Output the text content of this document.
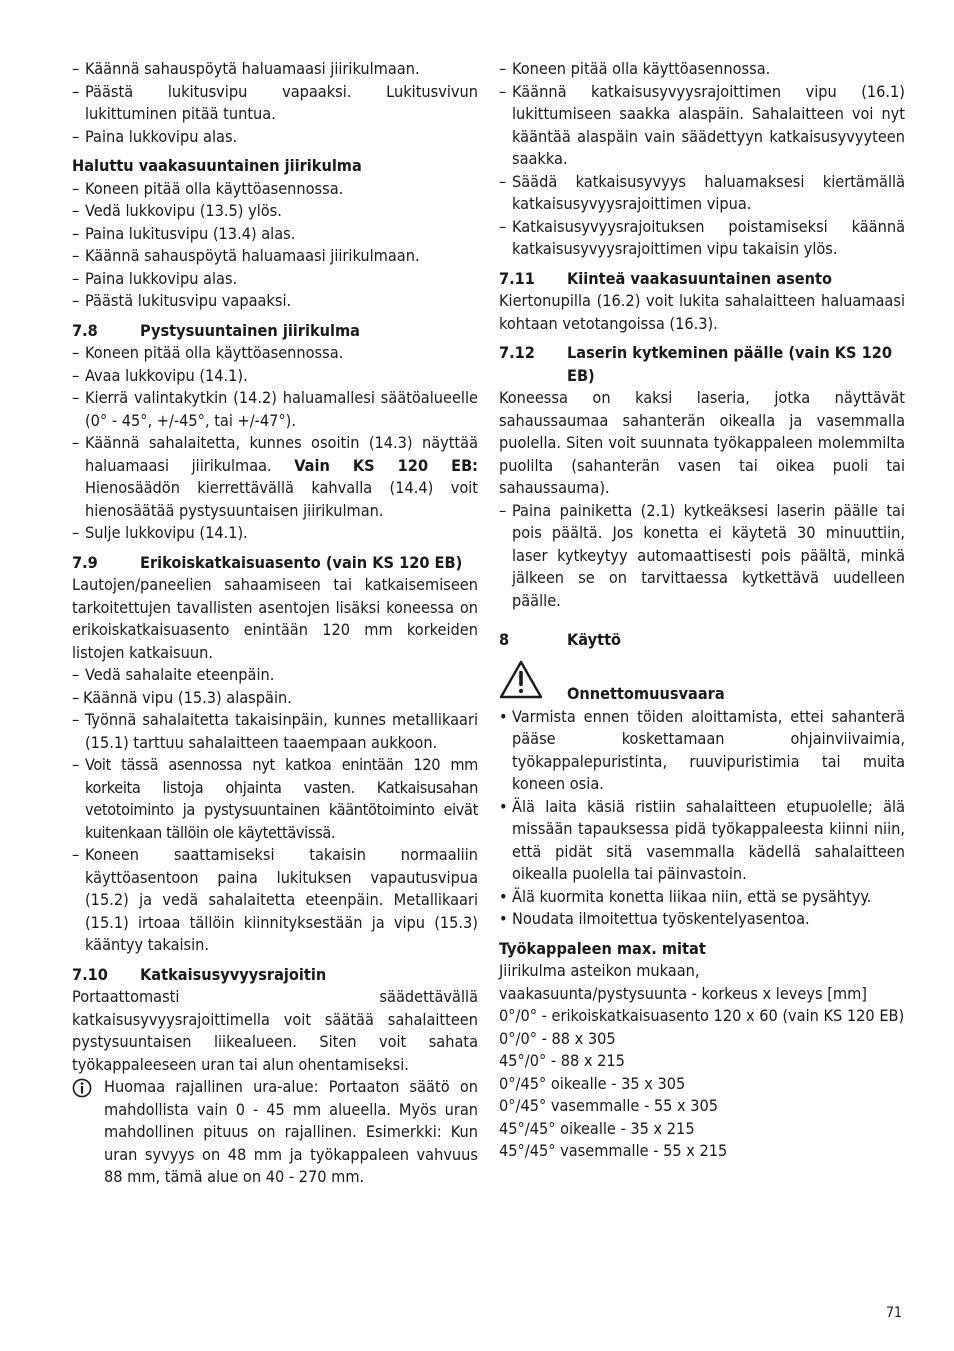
– Käännä sahauspöytä haluamaasi jiirikulmaan.

– Päästä lukitusvipu vapaaksi. Lukitusvivun lukittuminen pitää tuntua.

– Paina lukkovipu alas.

Haluttu vaakasuuntainen jiirikulma

– Koneen pitää olla käyttöasennossa.

– Vedä lukkovipu (13.5) ylös.

– Paina lukitusvipu (13.4) alas.

– Käännä sahauspöytä haluamaasi jiirikulmaan.

– Paina lukkovipu alas.

– Päästä lukitusvipu vapaaksi.

7.8	Pystysuuntainen jiirikulma

– Koneen pitää olla käyttöasennossa.

– Avaa lukkovipu (14.1).

– Kierrä valintakytkin (14.2) haluamallesi säätöalueelle (0° - 45°, +/-45°, tai +/-47°).

– Käännä sahalaitetta, kunnes osoitin (14.3) näyttää haluamaasi jiirikulmaa. Vain KS 120 EB: Hienosäädön kierrettävällä kahvalla (14.4) voit hienosäätää pystysuuntaisen jiirikulman.

– Sulje lukkovipu (14.1).

7.9	Erikoiskatkaisuasento (vain KS 120 EB)

Lautojen/paneelien sahaamiseen tai katkaisemiseen tarkoitettujen tavallisten asentojen lisäksi koneessa on erikoiskatkaisuasento enintään 120 mm korkeiden listojen katkaisuun.

– Vedä sahalaite eteenpäin.

– Käännä vipu (15.3) alaspäin.

– Työnnä sahalaitetta takaisinpäin, kunnes metallikaari (15.1) tarttuu sahalaitteen taaempaan aukkoon.

– Voit tässä asennossa nyt katkoa enintään 120 mm korkeita listoja ohjainta vasten. Katkaisusahan vetotoiminto ja pystysuuntainen kääntötoiminto eivät kuitenkaan tällöin ole käytettävissä.

– Koneen saattamiseksi takaisin normaaliin käyttöasentoon paina lukituksen vapautusvipua (15.2) ja vedä sahalaitetta eteenpäin. Metallikaari (15.1) irtoaa tällöin kiinnityksestään ja vipu (15.3) kääntyy takaisin.

7.10 Katkaisusyvyysrajoitin

Portaattomasti säädettävällä katkaisusyvyysrajoittimella voit säätää sahalaitteen pystysuuntaisen liikealueen. Siten voit sahata työkappaleeseen uran tai alun ohentamiseksi.

Huomaa rajallinen ura-alue: Portaaton säätö on mahdollista vain 0 - 45 mm alueella. Myös uran mahdollinen pituus on rajallinen. Esimerkki: Kun uran syvyys on 48 mm ja työkappaleen vahvuus 88 mm, tämä alue on 40 - 270 mm.

– Koneen pitää olla käyttöasennossa.

– Käännä katkaisusyvyysrajoittimen vipu (16.1) lukittumiseen saakka alaspäin. Sahalaitteen voi nyt kääntää alaspäin vain säädettyyn katkaisusyvyyteen saakka.

– Säädä katkaisusyvyys haluamaksesi kiertämällä katkaisusyvyysrajoittimen vipua.

– Katkaisusyvyysrajoituksen poistamiseksi käännä katkaisusyvyysrajoittimen vipu takaisin ylös.

7.11 Kiinteä vaakasuuntainen asento

Kiertonupilla (16.2) voit lukita sahalaitteen haluamaasi kohtaan vetotangoissa (16.3).

7.12 Laserin kytkeminen päälle (vain KS 120 EB)

Koneessa on kaksi laseria, jotka näyttävät sahaussaumaa sahanterän oikealla ja vasemmalla puolella. Siten voit suunnata työkappaleen molemmilta puolilta (sahanterän vasen tai oikea puoli tai sahaussauma).

– Paina painiketta (2.1) kytkeäksesi laserin päälle tai pois päältä. Jos konetta ei käytetä 30 minuuttiin, laser kytkeytyy automaattisesti pois päältä, minkä jälkeen se on tarvittaessa kytkettävä uudelleen päälle.

8	Käyttö

Onnettomuusvaara

• Varmista ennen töiden aloittamista, ettei sahanterä pääse koskettamaan ohjainviivaimia, työkappalepuristinta, ruuvipuristimia tai muita koneen osia.

• Älä laita käsiä ristiin sahalaitteen etupuolelle; älä missään tapauksessa pidä työkappaleesta kiinni niin, että pidät sitä vasemmalla kädellä sahalaitteen oikealla puolella tai päinvastoin.

• Älä kuormita konetta liikaa niin, että se pysähtyy.

• Noudata ilmoitettua työskentelyasentoa.

Työkappaleen max. mitat

Jiirikulma asteikon mukaan,

vaakasuunta/pystysuunta - korkeus x leveys [mm]

0°/0° - erikoiskatkaisuasento 120 x 60 (vain KS 120 EB)

0°/0° - 88 x 305

45°/0° - 88 x 215

0°/45° oikealle - 35 x 305

0°/45° vasemmalle - 55 x 305

45°/45° oikealle - 35 x 215

45°/45° vasemmalle - 55 x 215

71
